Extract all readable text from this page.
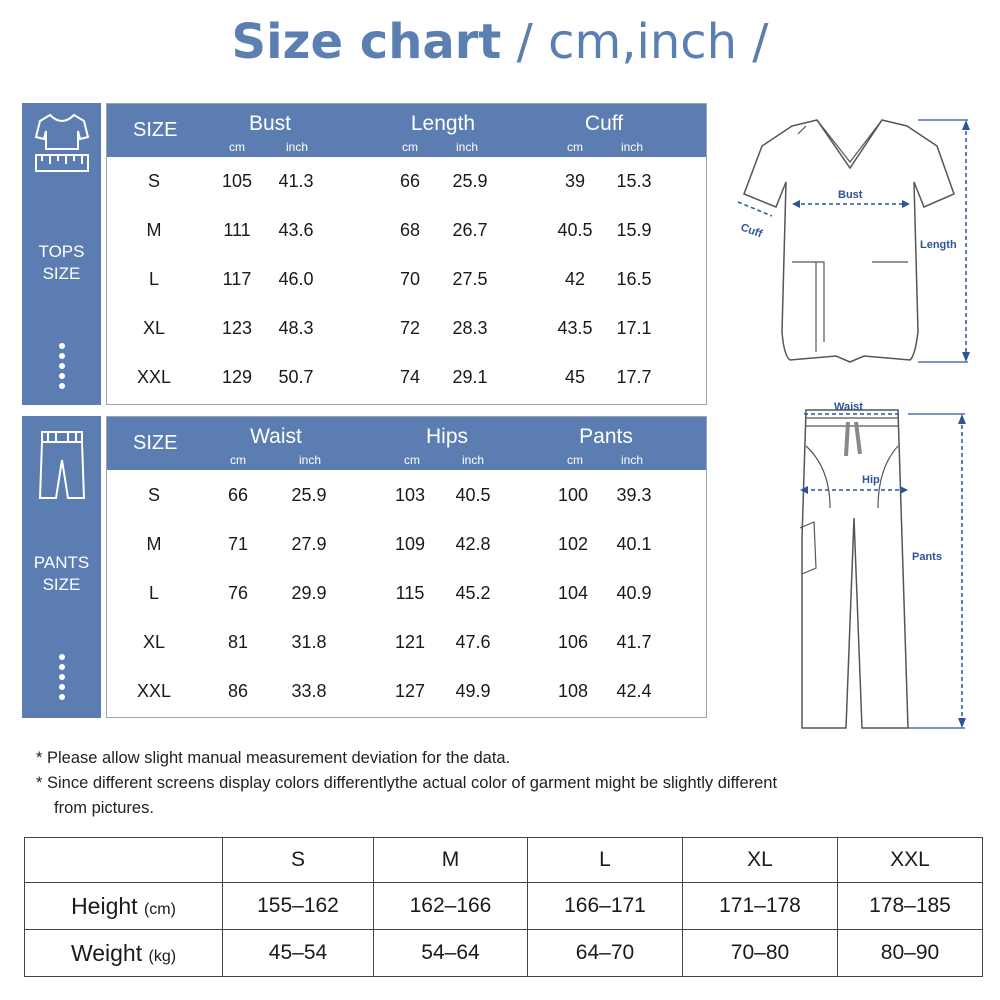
Size chart / cm,inch /
TOPS
SIZE
SIZE	Bust	Length	Cuff
cm	inch	cm	inch	cm	inch
S	105	41.3	66	25.9	39	15.3
M	111	43.6	68	26.7	40.5	15.9
L	117	46.0	70	27.5	42	16.5
XL	123	48.3	72	28.3	43.5	17.1
XXL	129	50.7	74	29.1	45	17.7
PANTS
SIZE
SIZE	Waist	Hips	Pants
cm	inch	cm	inch	cm	inch
S	66	25.9	103	40.5	100	39.3
M	71	27.9	109	42.8	102	40.1
L	76	29.9	115	45.2	104	40.9
XL	81	31.8	121	47.6	106	41.7
XXL	86	33.8	127	49.9	108	42.4
Bust
Cuff
Length
Waist
Hip
Pants
* Please allow slight manual measurement deviation for the data.
* Since different screens display colors differentlythe actual color of garment might be slightly different
from pictures.
	S	M	L	XL	XXL
Height (cm)	155–162	162–166	166–171	171–178	178–185
Weight (kg)	45–54	54–64	64–70	70–80	80–90
